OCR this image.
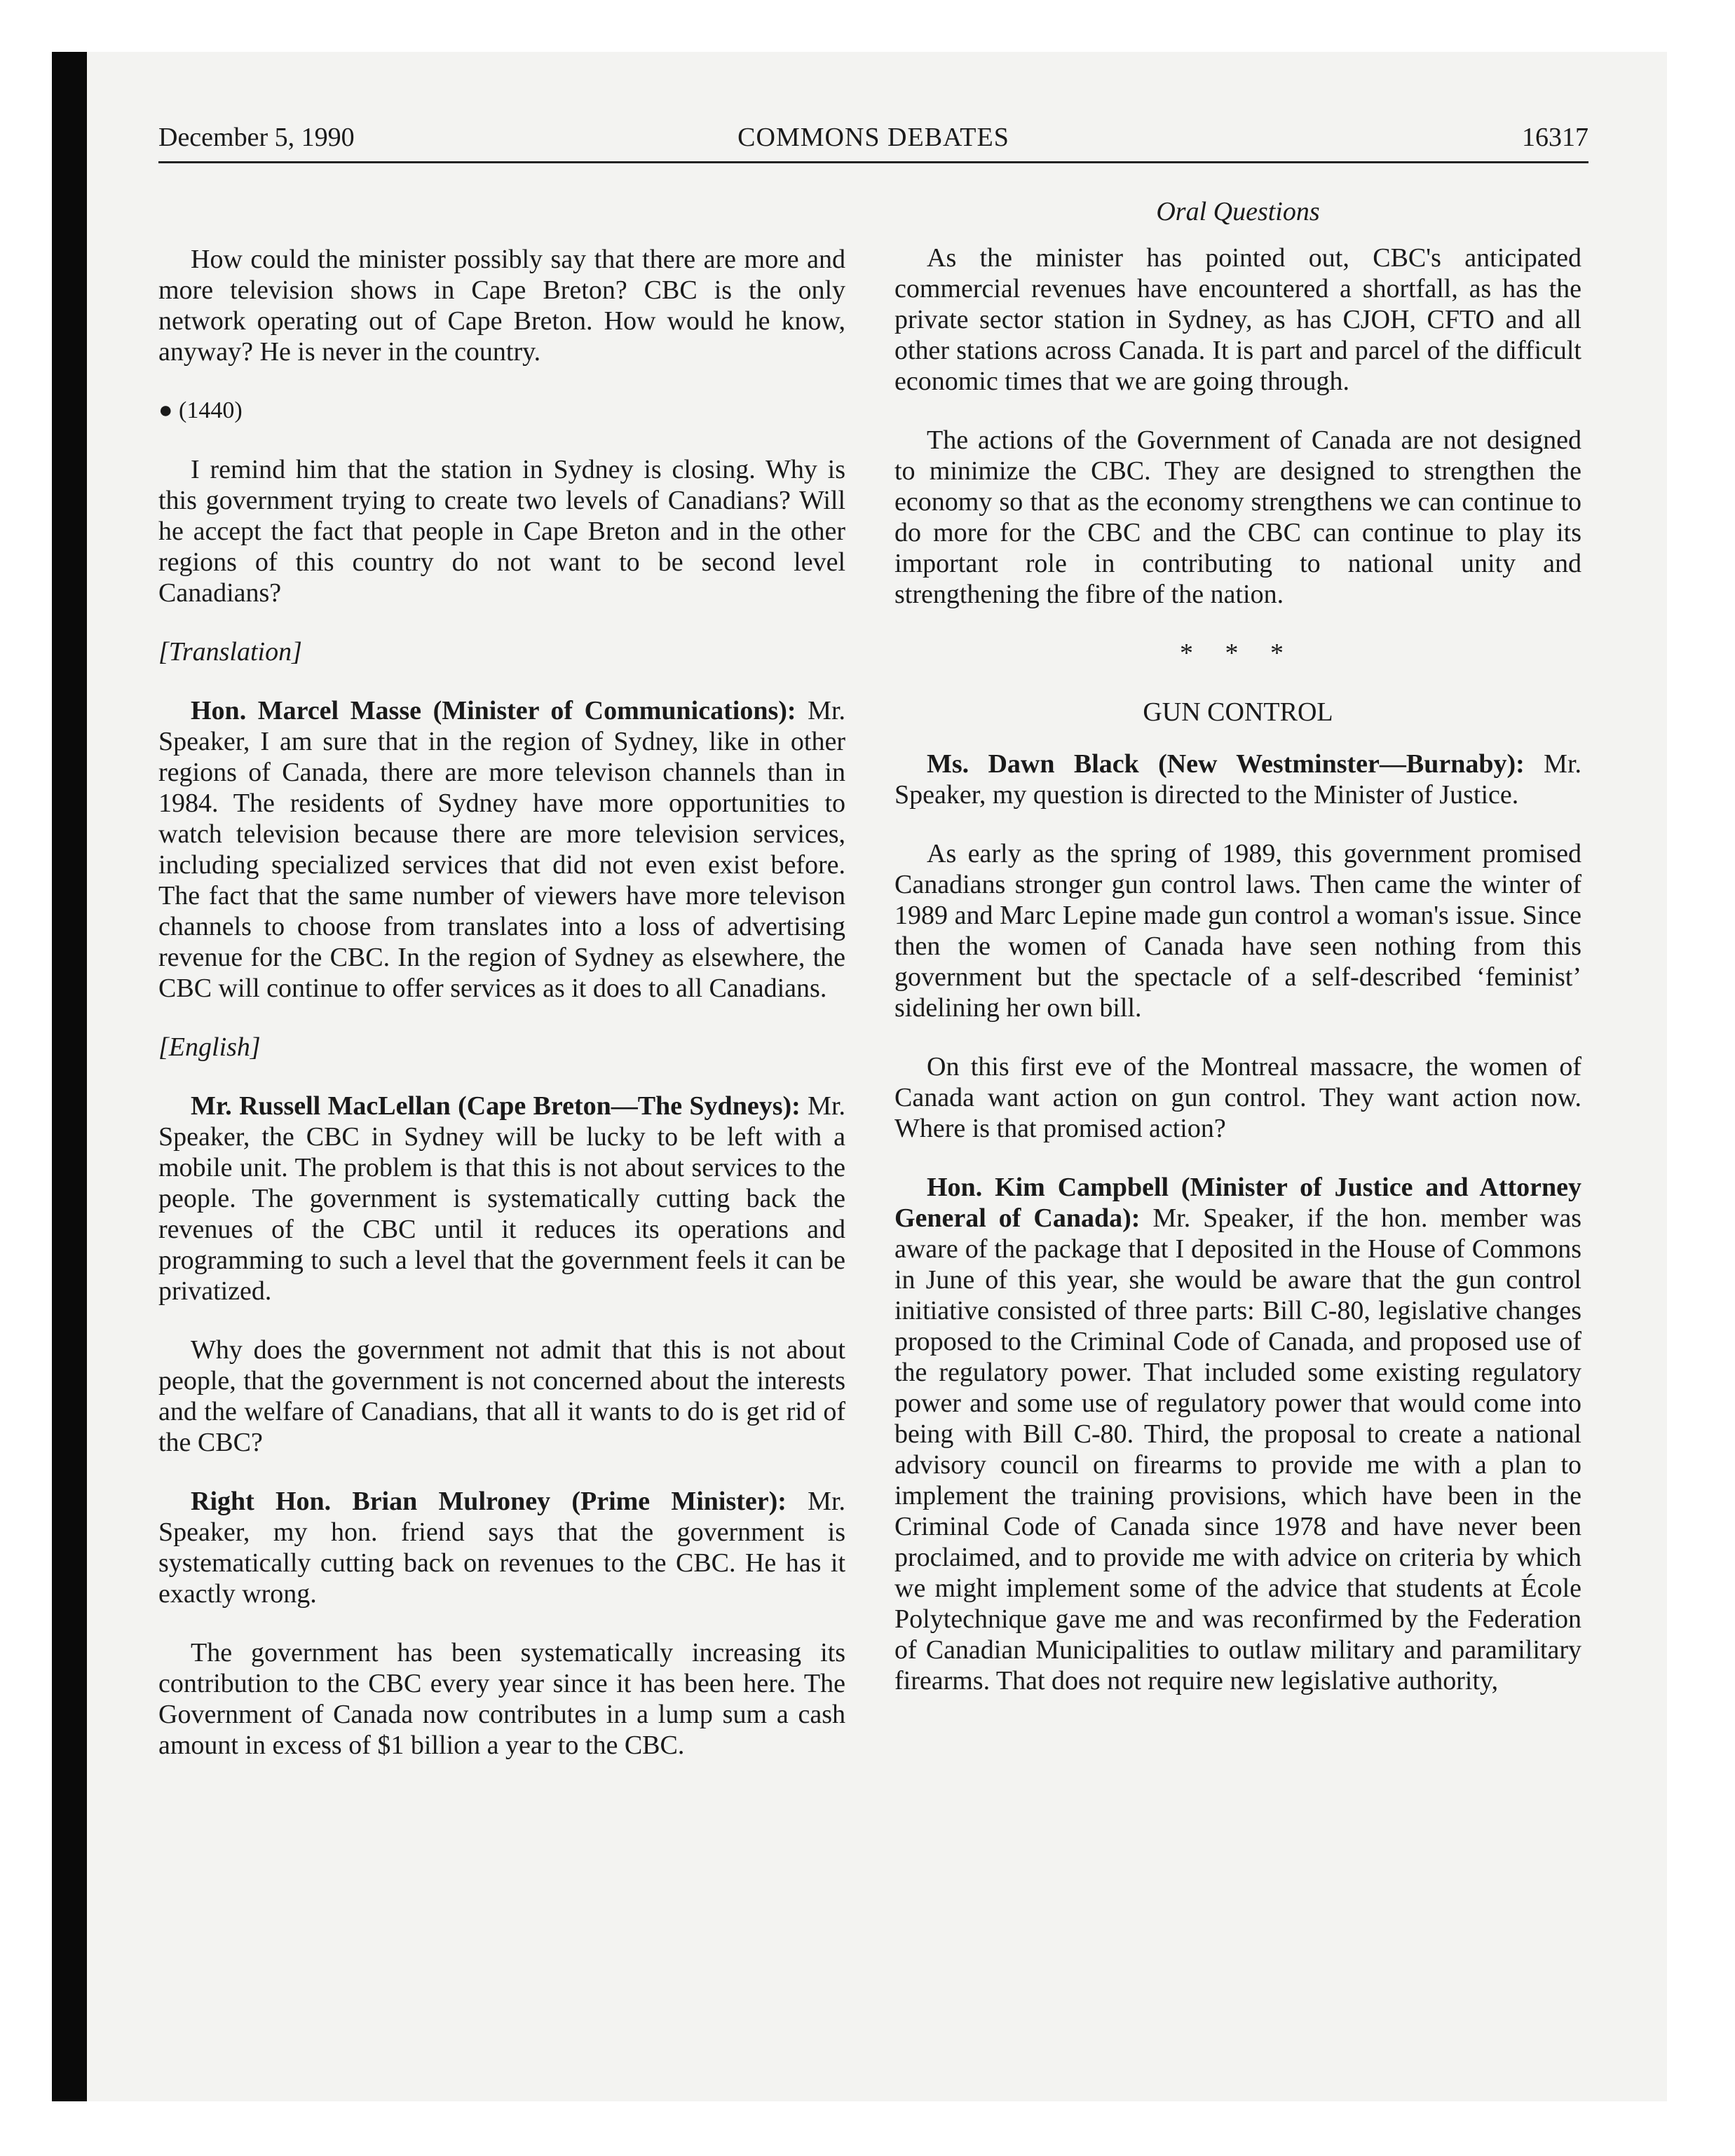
December 5, 1990	COMMONS DEBATES	16317

How could the minister possibly say that there are more and more television shows in Cape Breton? CBC is the only network operating out of Cape Breton. How would he know, anyway? He is never in the country.

● (1440)

I remind him that the station in Sydney is closing. Why is this government trying to create two levels of Canadians? Will he accept the fact that people in Cape Breton and in the other regions of this country do not want to be second level Canadians?

[Translation]

Hon. Marcel Masse (Minister of Communications): Mr. Speaker, I am sure that in the region of Sydney, like in other regions of Canada, there are more televison channels than in 1984. The residents of Sydney have more opportunities to watch television because there are more television services, including specialized services that did not even exist before. The fact that the same number of viewers have more televison channels to choose from translates into a loss of advertising revenue for the CBC. In the region of Sydney as elsewhere, the CBC will continue to offer services as it does to all Canadians.

[English]

Mr. Russell MacLellan (Cape Breton—The Sydneys): Mr. Speaker, the CBC in Sydney will be lucky to be left with a mobile unit. The problem is that this is not about services to the people. The government is systematically cutting back the revenues of the CBC until it reduces its operations and programming to such a level that the government feels it can be privatized.

Why does the government not admit that this is not about people, that the government is not concerned about the interests and the welfare of Canadians, that all it wants to do is get rid of the CBC?

Right Hon. Brian Mulroney (Prime Minister): Mr. Speaker, my hon. friend says that the government is systematically cutting back on revenues to the CBC. He has it exactly wrong.

The government has been systematically increasing its contribution to the CBC every year since it has been here. The Government of Canada now contributes in a lump sum a cash amount in excess of $1 billion a year to the CBC.

Oral Questions

As the minister has pointed out, CBC's anticipated commercial revenues have encountered a shortfall, as has the private sector station in Sydney, as has CJOH, CFTO and all other stations across Canada. It is part and parcel of the difficult economic times that we are going through.

The actions of the Government of Canada are not designed to minimize the CBC. They are designed to strengthen the economy so that as the economy strengthens we can continue to do more for the CBC and the CBC can continue to play its important role in contributing to national unity and strengthening the fibre of the nation.

* * *
GUN CONTROL

Ms. Dawn Black (New Westminster—Burnaby): Mr. Speaker, my question is directed to the Minister of Justice.

As early as the spring of 1989, this government promised Canadians stronger gun control laws. Then came the winter of 1989 and Marc Lepine made gun control a woman's issue. Since then the women of Canada have seen nothing from this government but the spectacle of a self-described ‘feminist’ sidelining her own bill.

On this first eve of the Montreal massacre, the women of Canada want action on gun control. They want action now. Where is that promised action?

Hon. Kim Campbell (Minister of Justice and Attorney General of Canada): Mr. Speaker, if the hon. member was aware of the package that I deposited in the House of Commons in June of this year, she would be aware that the gun control initiative consisted of three parts: Bill C-80, legislative changes proposed to the Criminal Code of Canada, and proposed use of the regulatory power. That included some existing regulatory power and some use of regulatory power that would come into being with Bill C-80. Third, the proposal to create a national advisory council on firearms to provide me with a plan to implement the training provisions, which have been in the Criminal Code of Canada since 1978 and have never been proclaimed, and to provide me with advice on criteria by which we might implement some of the advice that students at École Polytechnique gave me and was reconfirmed by the Federation of Canadian Municipalities to outlaw military and paramilitary firearms. That does not require new legislative authority,
